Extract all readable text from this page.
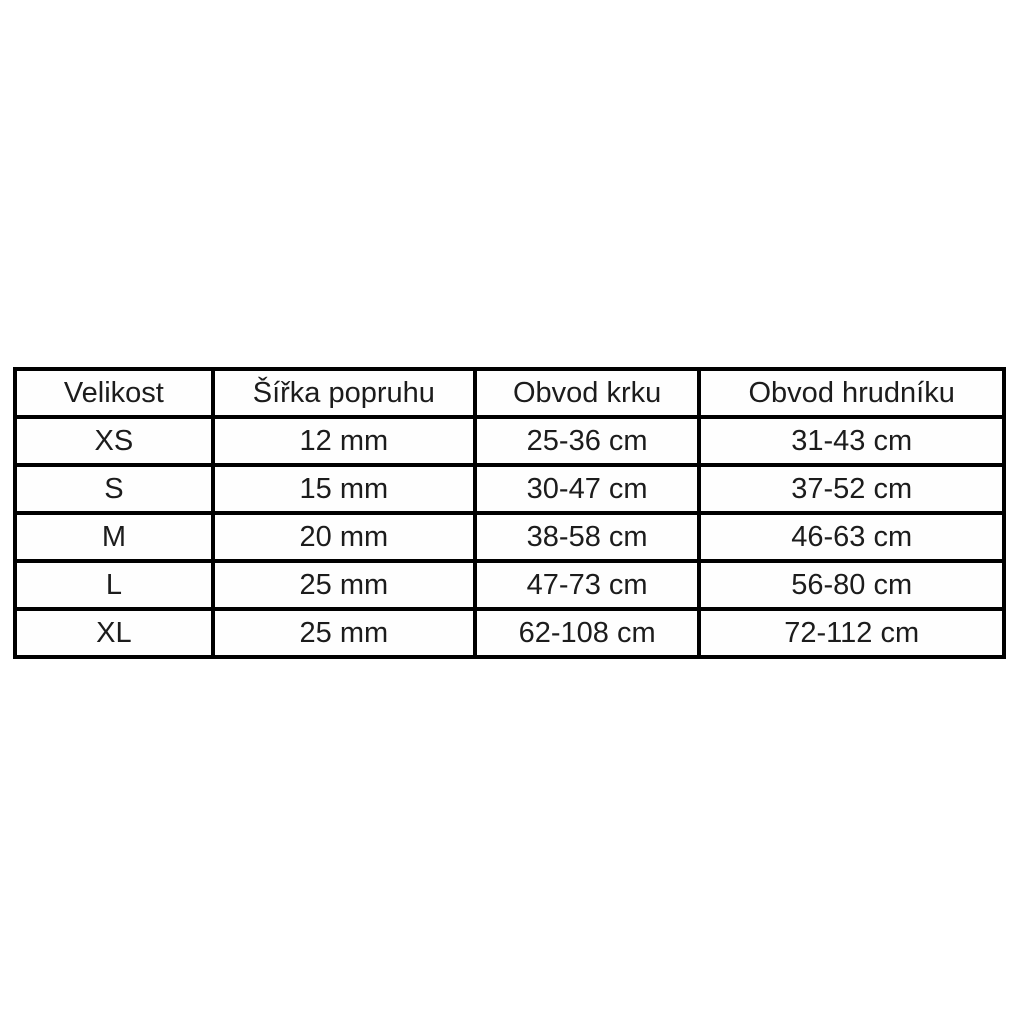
Velikost	Šířka popruhu	Obvod krku	Obvod hrudníku
XS	12 mm	25-36 cm	31-43 cm
S	15 mm	30-47 cm	37-52 cm
M	20 mm	38-58 cm	46-63 cm
L	25 mm	47-73 cm	56-80 cm
XL	25 mm	62-108 cm	72-112 cm
